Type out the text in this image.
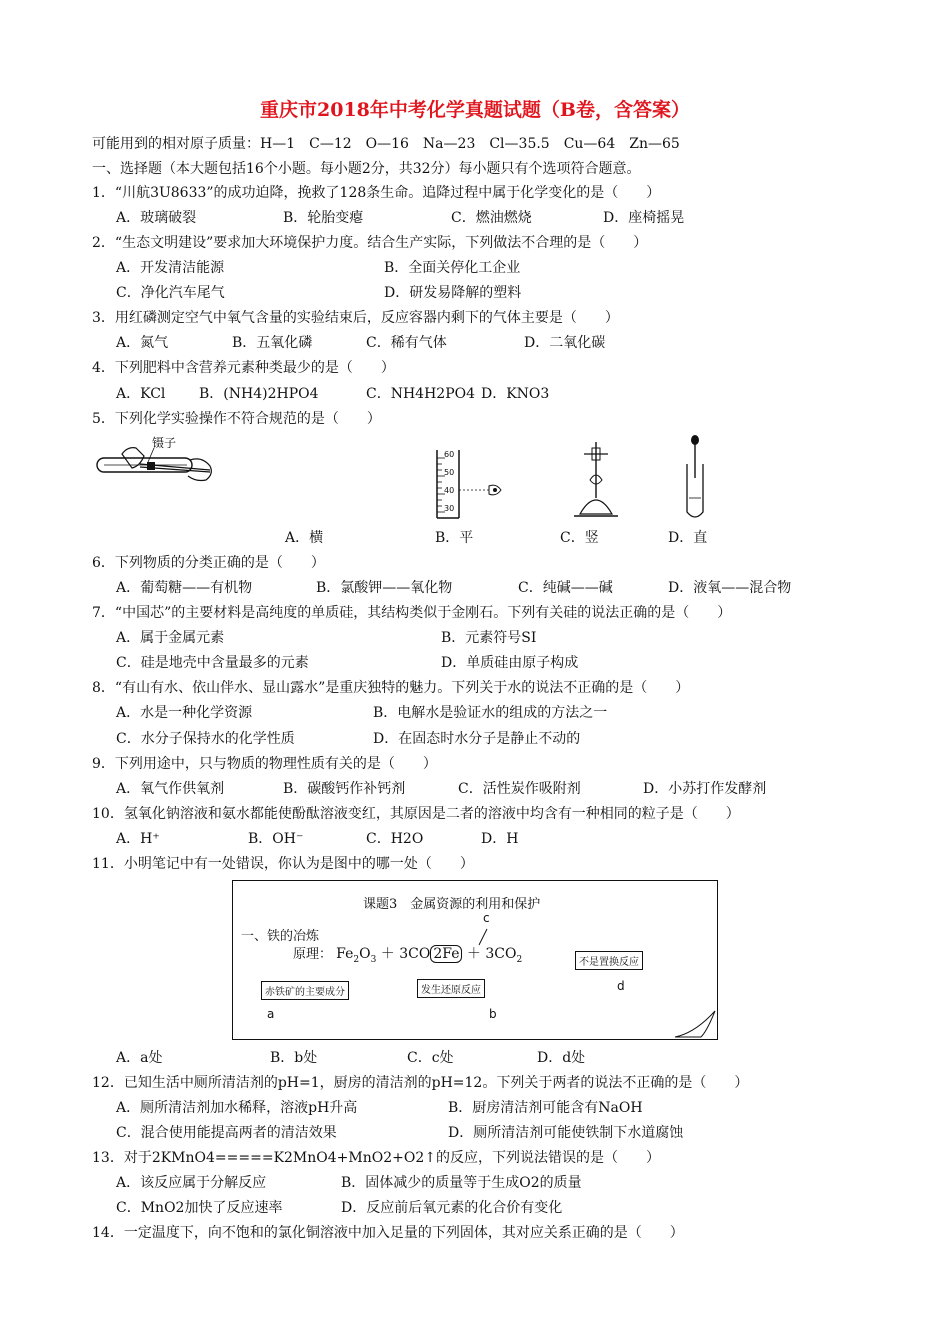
重庆市2018年中考化学真题试题（B卷，含答案）
可能用到的相对原子质量：H—1　C—12　O—16　Na—23　Cl—35.5　Cu—64　Zn—65
一、选择题（本大题包括16个小题。每小题2分，共32分）每小题只有个选项符合题意。
1．“川航3U8633”的成功迫降，挽救了128条生命。追降过程中属于化学变化的是（　　）
A．玻璃破裂	B．轮胎变瘪	C．燃油燃烧	D．座椅摇晃
2．“生态文明建设”要求加大环境保护力度。结合生产实际，下列做法不合理的是（　　）
A．开发清洁能源	B．全面关停化工企业
C．净化汽车尾气	D．研发易降解的塑料
3．用红磷测定空气中氧气含量的实验结束后，反应容器内剩下的气体主要是（　　）
A．氮气	B．五氧化磷	C．稀有气体	D．二氧化碳
4．下列肥料中含营养元素种类最少的是（　　）
A．KCl B．(NH4)2HPO4	C．NH4H2PO4 D．KNO3
5．下列化学实验操作不符合规范的是（　　）
镊子
60
50
40
30
A．横	B．平	C．竖	D．直
6．下列物质的分类正确的是（　　）
A．葡萄糖——有机物	B．氯酸钾——氧化物	C．纯碱——碱	D．液氧——混合物
7．“中国芯”的主要材料是高纯度的单质硅，其结构类似于金刚石。下列有关硅的说法正确的是（　　）
A．属于金属元素	B．元素符号SI
C．硅是地壳中含量最多的元素	D．单质硅由原子构成
8．“有山有水、依山伴水、显山露水”是重庆独特的魅力。下列关于水的说法不正确的是（　　）
A．水是一种化学资源	B．电解水是验证水的组成的方法之一
C．水分子保持水的化学性质	D．在固态时水分子是静止不动的
9．下列用途中，只与物质的物理性质有关的是（　　）
A．氧气作供氧剂	B．碳酸钙作补钙剂	C．活性炭作吸附剂	D．小苏打作发酵剂
10．氢氧化钠溶液和氨水都能使酚酞溶液变红，其原因是二者的溶液中均含有一种相同的粒子是（　　）
A．H⁺	B．OH⁻	C．H2O	D．H
11．小明笔记中有一处错误，你认为是图中的哪一处（　　）
课题3　金属资源的利用和保护
一、铁的冶炼
原理： $Fe_2O_3 + 3CO$ $2Fe + 3CO_2$
c
赤铁矿的主要成分
a
发生还原反应
b
不是置换反应
d
A．a处	B．b处	C．c处	D．d处
12．已知生活中厕所清洁剂的pH=1，厨房的清洁剂的pH=12。下列关于两者的说法不正确的是（　　）
A．厕所清洁剂加水稀释，溶液pH升高	B．厨房清洁剂可能含有NaOH
C．混合使用能提高两者的清洁效果	D．厕所清洁剂可能使铁制下水道腐蚀
13．对于2KMnO4=====K2MnO4+MnO2+O2↑的反应，下列说法错误的是（　　）
A．该反应属于分解反应	B．固体减少的质量等于生成O2的质量
C．MnO2加快了反应速率	D．反应前后氧元素的化合价有变化
14．一定温度下，向不饱和的氯化铜溶液中加入足量的下列固体，其对应关系正确的是（　　）
